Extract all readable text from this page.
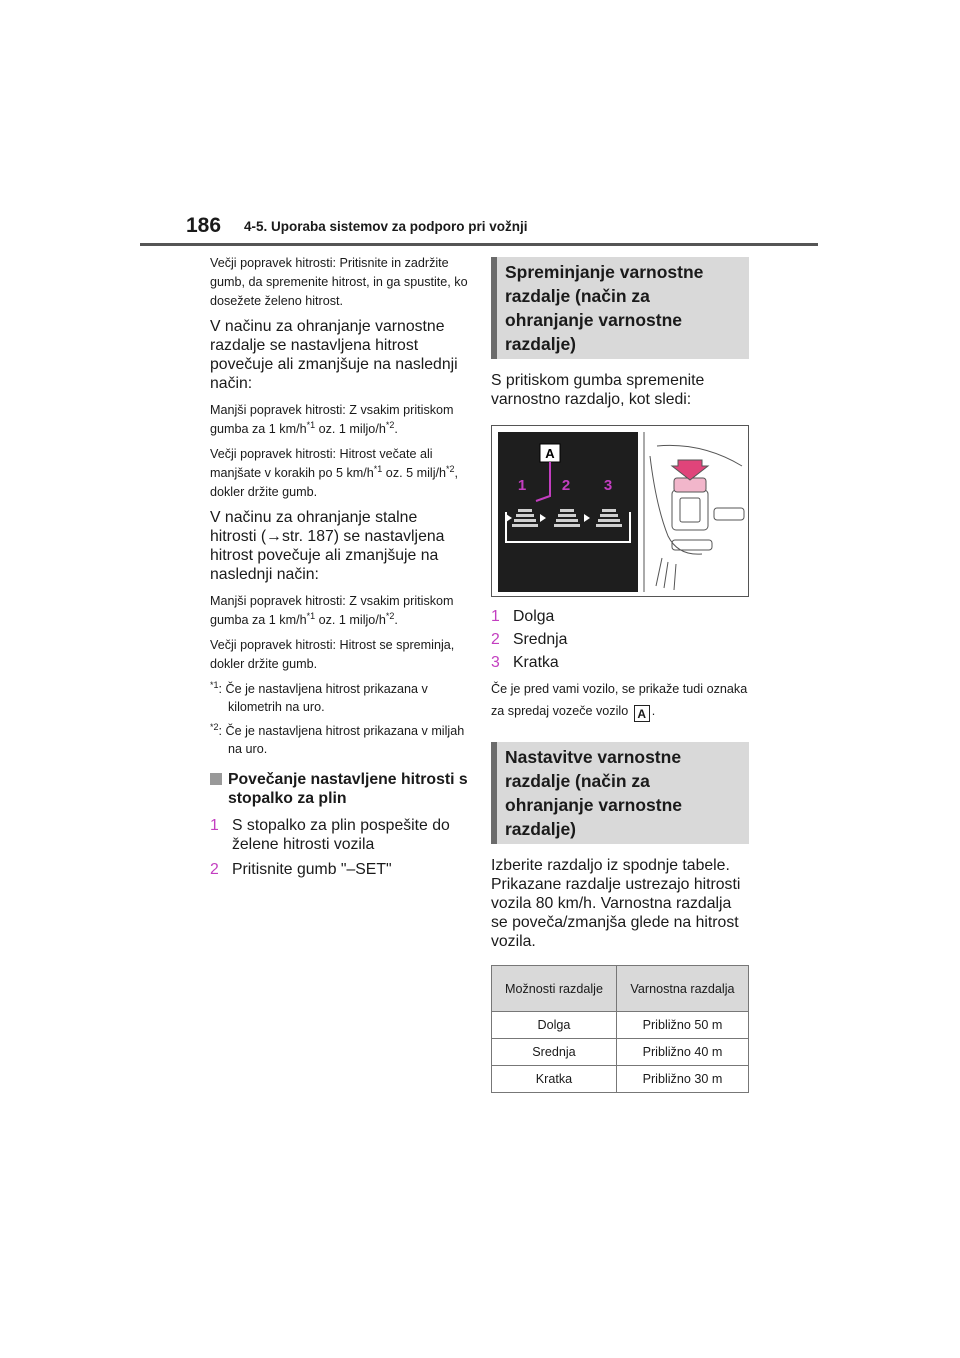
186 4-5. Uporaba sistemov za podporo pri vožnji

Večji popravek hitrosti: Pritisnite in zadržite gumb, da spremenite hitrost, in ga spustite, ko dosežete želeno hitrost.

V načinu za ohranjanje varnostne razdalje se nastavljena hitrost povečuje ali zmanjšuje na naslednji način:

Manjši popravek hitrosti: Z vsakim pritiskom gumba za 1 $km/h^{*1}$ oz. 1 miljo/$h^{*2}$.

Večji popravek hitrosti: Hitrost večate ali manjšate v korakih po 5 $km/h^{*1}$ oz. 5 milj/$h^{*2}$, dokler držite gumb.

V načinu za ohranjanje stalne hitrosti (→str. 187) se nastavljena hitrost povečuje ali zmanjšuje na naslednji način:

Manjši popravek hitrosti: Z vsakim pritiskom gumba za 1 $km/h^{*1}$ oz. 1 miljo/$h^{*2}$.

Večji popravek hitrosti: Hitrost se spreminja, dokler držite gumb.

$^{*1}$: Če je nastavljena hitrost prikazana v kilometrih na uro.

$^{*2}$: Če je nastavljena hitrost prikazana v miljah na uro.

Povečanje nastavljene hitrosti s stopalko za plin
1 S stopalko za plin pospešite do želene hitrosti vozila
2 Pritisnite gumb "–SET"
Spreminjanje varnostne razdalje (način za ohranjanje varnostne razdalje)

S pritiskom gumba spremenite varnostno razdaljo, kot sledi:

A
1 2 3
1 Dolga
2 Srednja
3 Kratka

Če je pred vami vozilo, se prikaže tudi oznaka za spredaj vozeče vozilo A .

Nastavitve varnostne razdalje (način za ohranjanje varnostne razdalje)

Izberite razdaljo iz spodnje tabele. Prikazane razdalje ustrezajo hitrosti vozila 80 km/h. Varnostna razdalja se poveča/zmanjša glede na hitrost vozila.

Možnosti razdalje	Varnostna razdalja
Dolga	Približno 50 m
Srednja	Približno 40 m
Kratka	Približno 30 m
